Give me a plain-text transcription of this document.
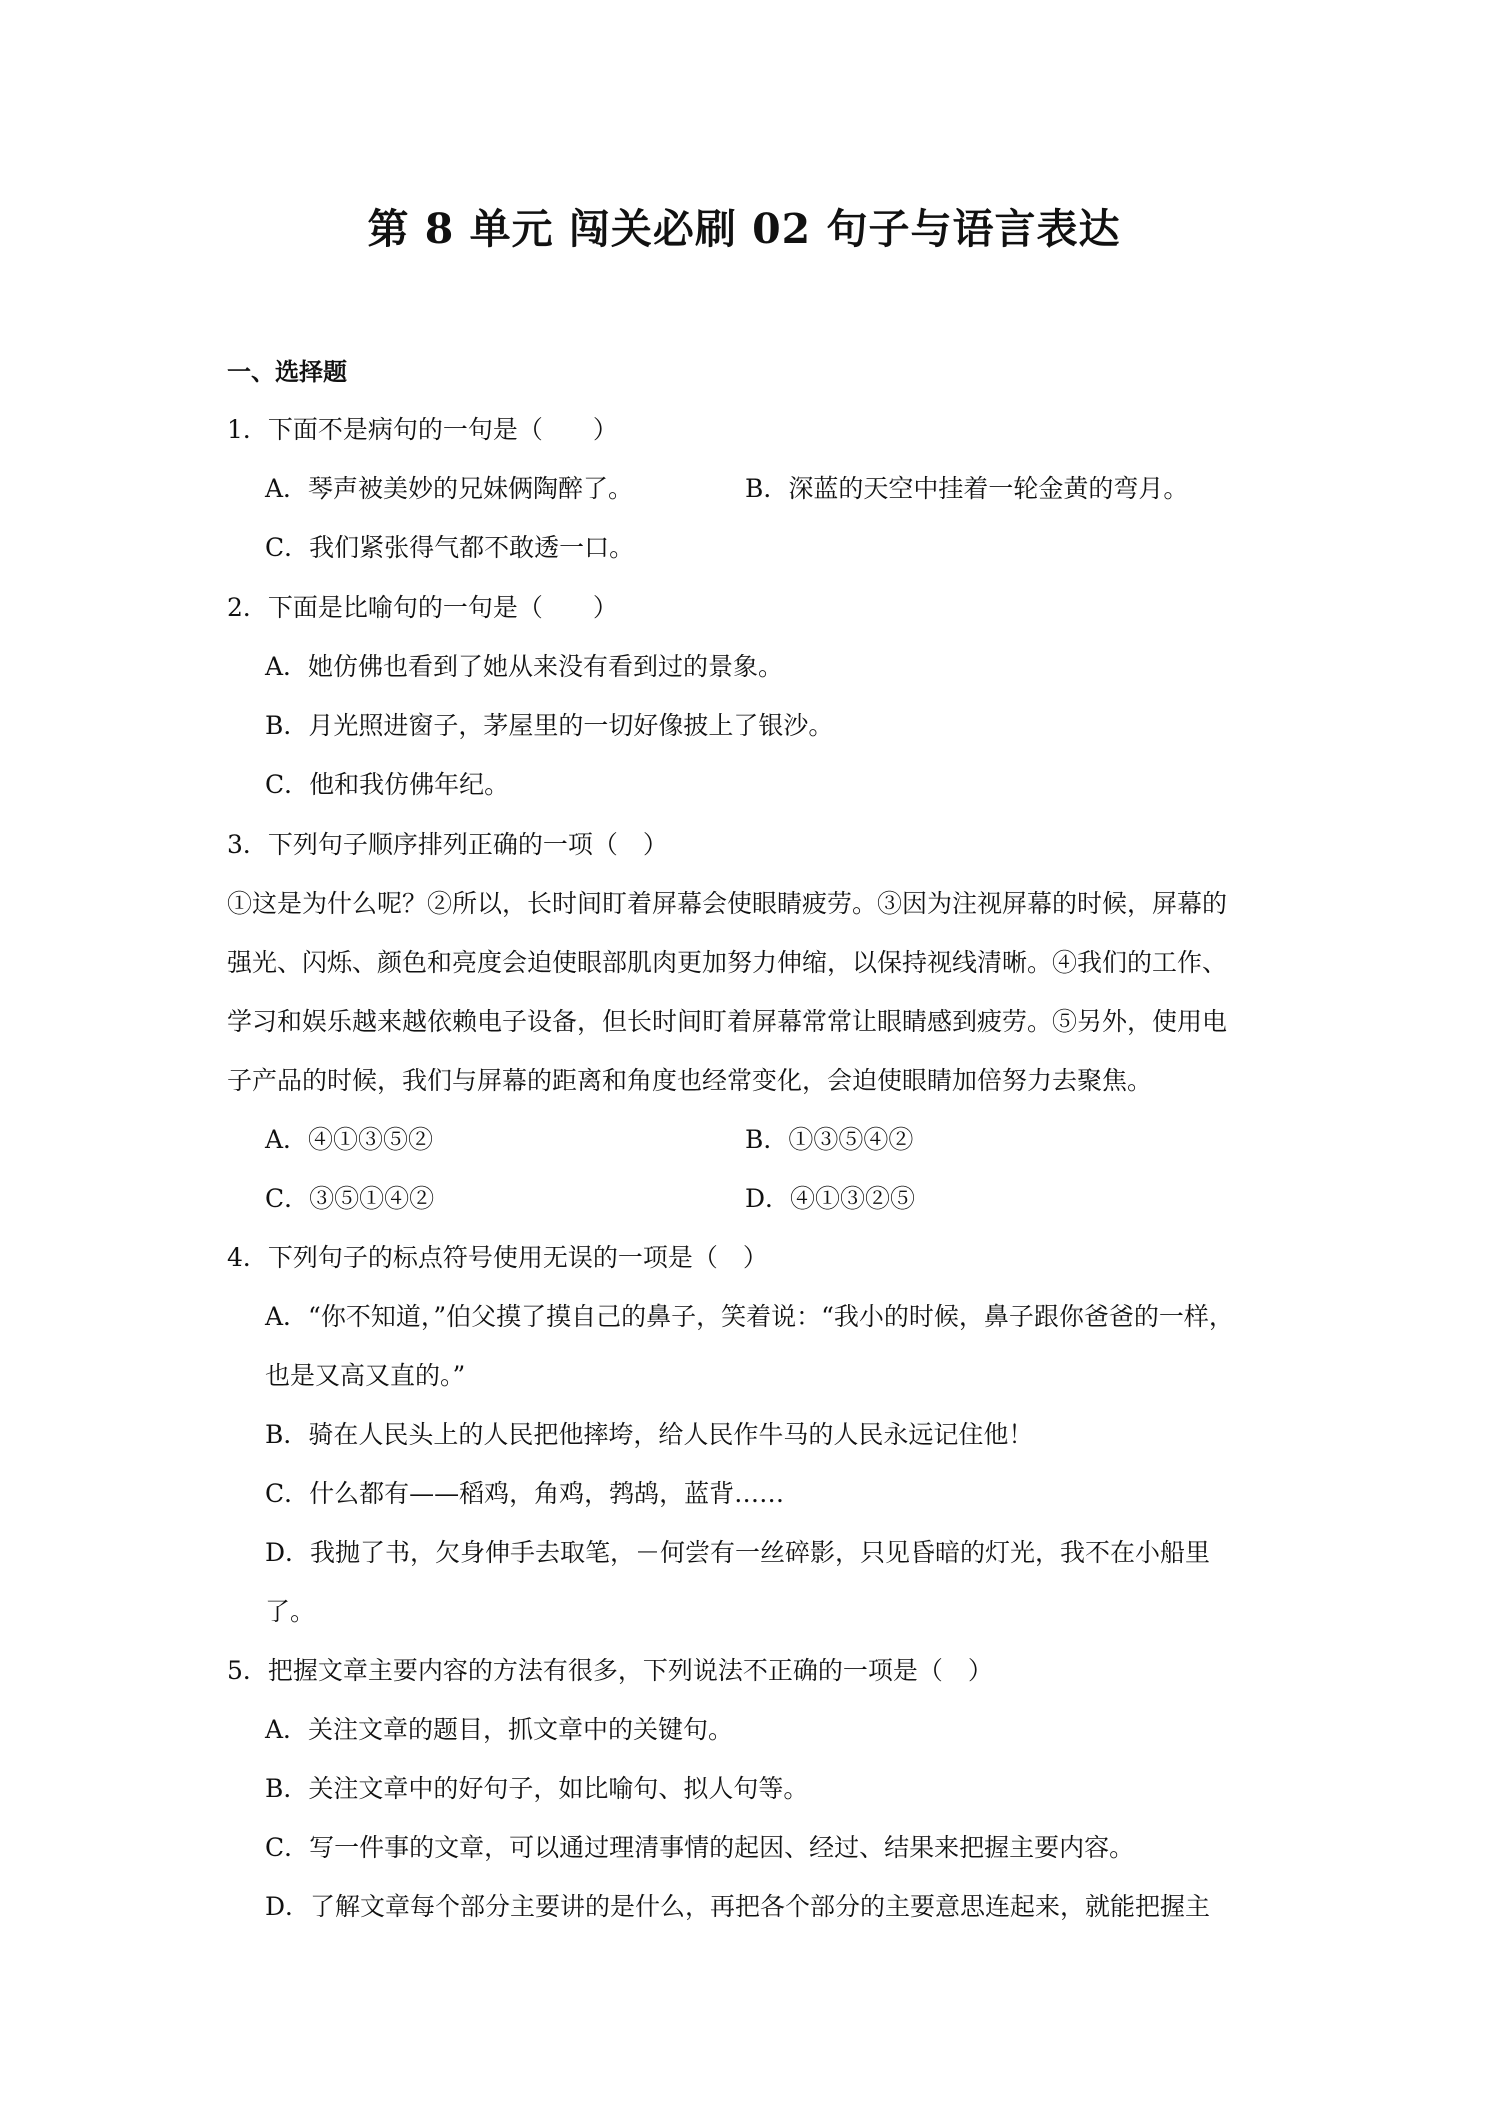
第 8 单元 闯关必刷 02 句子与语言表达
一、选择题
1．下面不是病句的一句是（　　）
A．琴声被美妙的兄妹俩陶醉了。	B．深蓝的天空中挂着一轮金黄的弯月。
C．我们紧张得气都不敢透一口。
2．下面是比喻句的一句是（　　）
A．她仿佛也看到了她从来没有看到过的景象。
B．月光照进窗子，茅屋里的一切好像披上了银沙。
C．他和我仿佛年纪。
3．下列句子顺序排列正确的一项（　）
①这是为什么呢？②所以，长时间盯着屏幕会使眼睛疲劳。③因为注视屏幕的时候，屏幕的
强光、闪烁、颜色和亮度会迫使眼部肌肉更加努力伸缩，以保持视线清晰。④我们的工作、
学习和娱乐越来越依赖电子设备，但长时间盯着屏幕常常让眼睛感到疲劳。⑤另外，使用电
子产品的时候，我们与屏幕的距离和角度也经常变化，会迫使眼睛加倍努力去聚焦。
A．④①③⑤②	B．①③⑤④②
C．③⑤①④②	D．④①③②⑤
4．下列句子的标点符号使用无误的一项是（　）
A．“你不知道，”伯父摸了摸自己的鼻子，笑着说：“我小的时候，鼻子跟你爸爸的一样，
也是又高又直的。”
B．骑在人民头上的人民把他摔垮，给人民作牛马的人民永远记住他！
C．什么都有——稻鸡，角鸡，鹁鸪，蓝背……
D．我抛了书，欠身伸手去取笔，－何尝有一丝碎影，只见昏暗的灯光，我不在小船里
了。
5．把握文章主要内容的方法有很多，下列说法不正确的一项是（　）
A．关注文章的题目，抓文章中的关键句。
B．关注文章中的好句子，如比喻句、拟人句等。
C．写一件事的文章，可以通过理清事情的起因、经过、结果来把握主要内容。
D．了解文章每个部分主要讲的是什么，再把各个部分的主要意思连起来，就能把握主
